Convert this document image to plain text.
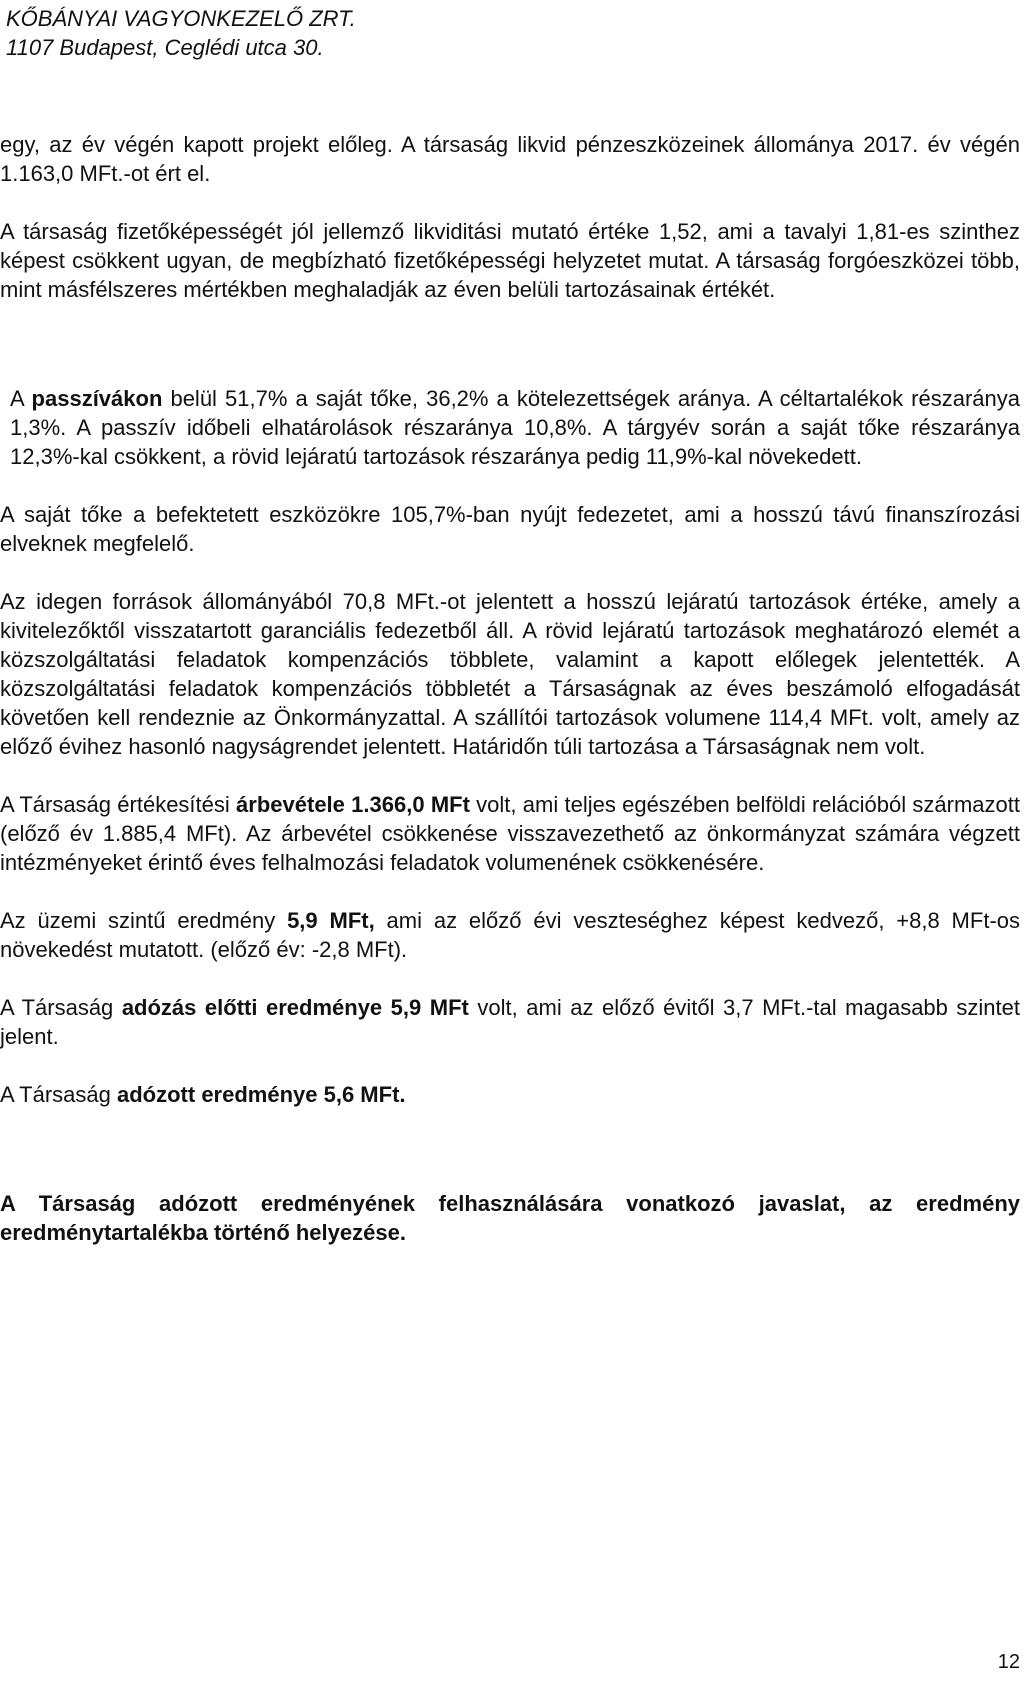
KŐBÁNYAI VAGYONKEZELŐ ZRT.
1107 Budapest, Ceglédi utca 30.

egy, az év végén kapott projekt előleg. A társaság likvid pénzeszközeinek állománya 2017. év végén 1.163,0 MFt.-ot ért el.

A társaság fizetőképességét jól jellemző likviditási mutató értéke 1,52, ami a tavalyi 1,81-es szinthez képest csökkent ugyan, de megbízható fizetőképességi helyzetet mutat. A társaság forgóeszközei több, mint másfélszeres mértékben meghaladják az éven belüli tartozásainak értékét.

A passzívákon belül 51,7% a saját tőke, 36,2% a kötelezettségek aránya. A céltartalékok részaránya 1,3%. A passzív időbeli elhatárolások részaránya 10,8%. A tárgyév során a saját tőke részaránya 12,3%-kal csökkent, a rövid lejáratú tartozások részaránya pedig 11,9%-kal növekedett.

A saját tőke a befektetett eszközökre 105,7%-ban nyújt fedezetet, ami a hosszú távú finanszírozási elveknek megfelelő.

Az idegen források állományából 70,8 MFt.-ot jelentett a hosszú lejáratú tartozások értéke, amely a kivitelezőktől visszatartott garanciális fedezetből áll. A rövid lejáratú tartozások meghatározó elemét a közszolgáltatási feladatok kompenzációs többlete, valamint a kapott előlegek jelentették. A közszolgáltatási feladatok kompenzációs többletét a Társaságnak az éves beszámoló elfogadását követően kell rendeznie az Önkormányzattal. A szállítói tartozások volumene 114,4 MFt. volt, amely az előző évihez hasonló nagyságrendet jelentett. Határidőn túli tartozása a Társaságnak nem volt.

A Társaság értékesítési árbevétele 1.366,0 MFt volt, ami teljes egészében belföldi relációból származott (előző év 1.885,4 MFt). Az árbevétel csökkenése visszavezethető az önkormányzat számára végzett intézményeket érintő éves felhalmozási feladatok volumenének csökkenésére.

Az üzemi szintű eredmény 5,9 MFt, ami az előző évi veszteséghez képest kedvező, +8,8 MFt-os növekedést mutatott. (előző év: -2,8 MFt).

A Társaság adózás előtti eredménye 5,9 MFt volt, ami az előző évitől 3,7 MFt.-tal magasabb szintet jelent.

A Társaság adózott eredménye 5,6 MFt.

A Társaság adózott eredményének felhasználására vonatkozó javaslat, az eredmény eredménytartalékba történő helyezése.

12
